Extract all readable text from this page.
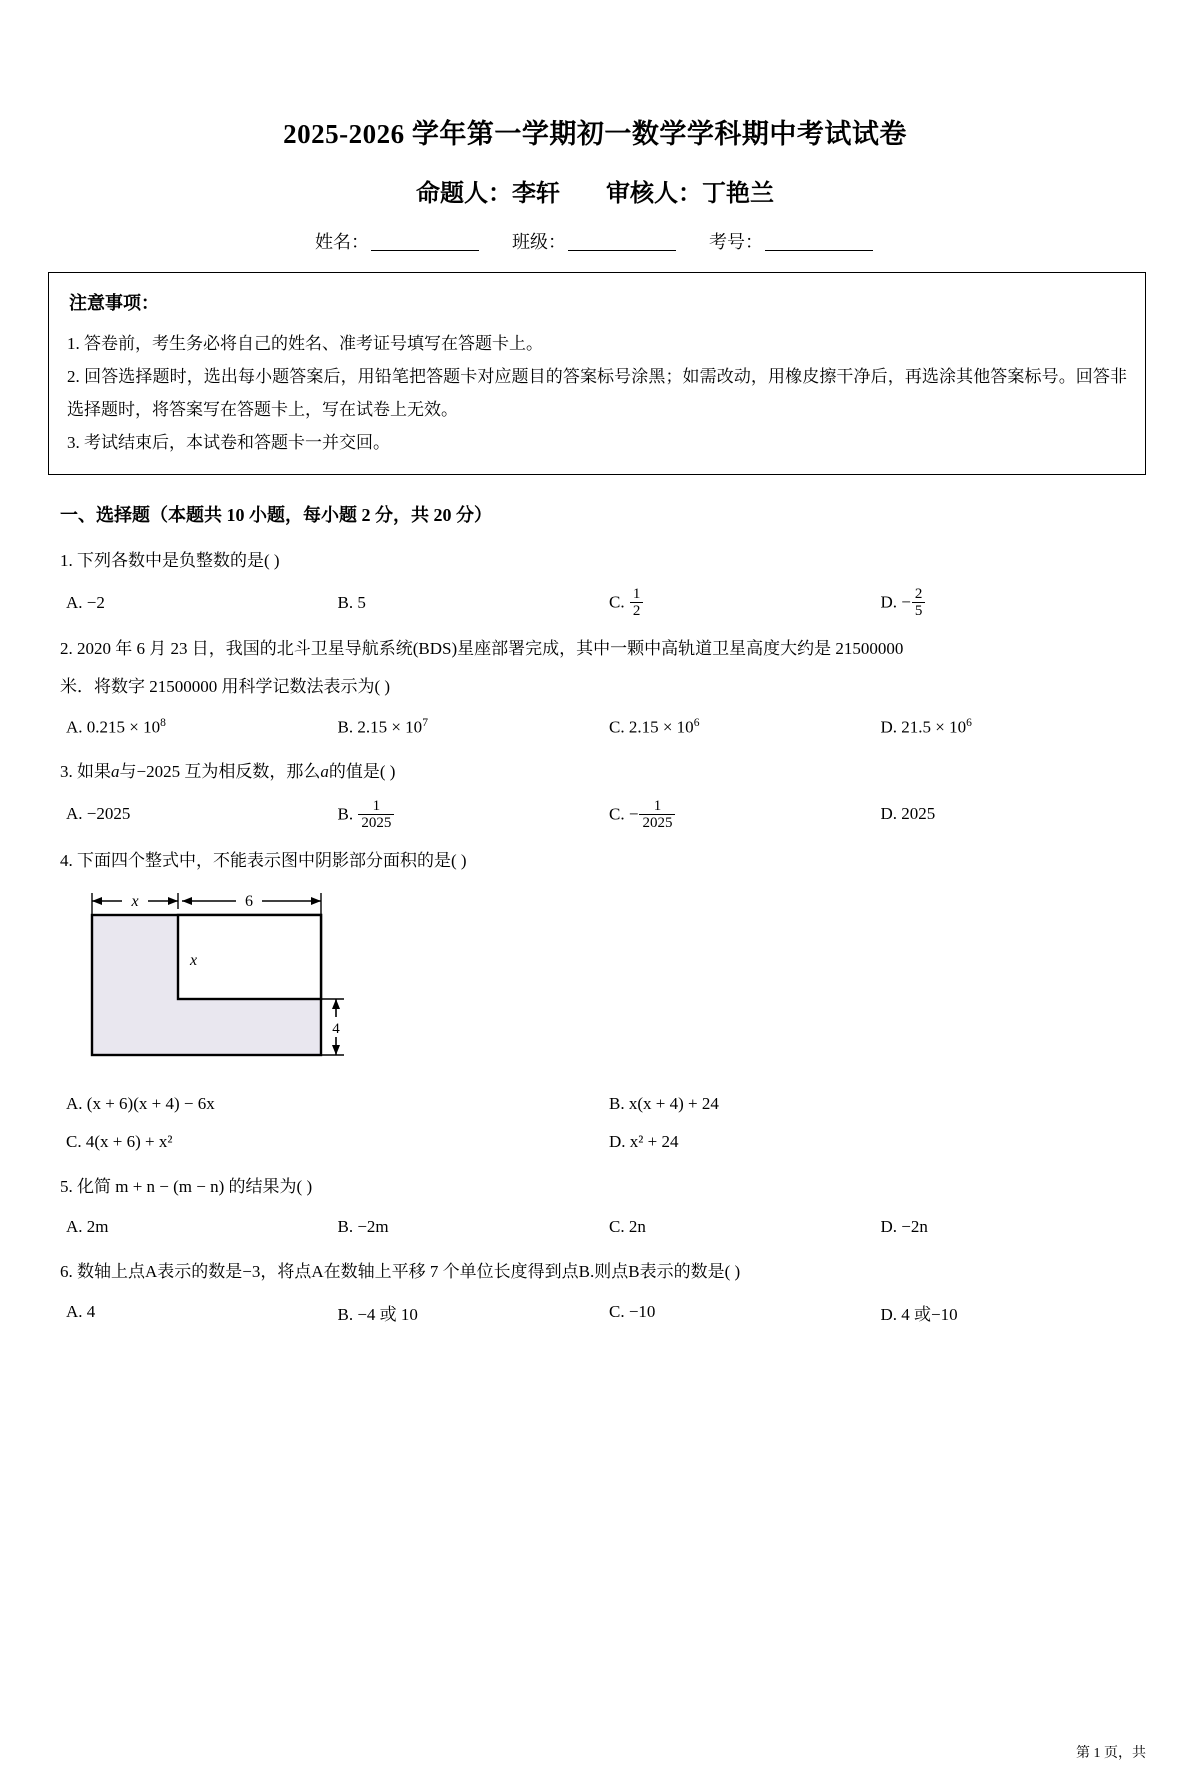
2025-2026 学年第一学期初一数学学科期中考试试卷
命题人：李轩 审核人：丁艳兰
姓名：	班级：	考号：
注意事项：

1. 答卷前，考生务必将自己的姓名、准考证号填写在答题卡上。

2. 回答选择题时，选出每小题答案后，用铅笔把答题卡对应题目的答案标号涂黑；如需改动，用橡皮擦干净后，再选涂其他答案标号。回答非选择题时，将答案写在答题卡上，写在试卷上无效。

3. 考试结束后，本试卷和答题卡一并交回。

一、选择题（本题共 10 小题，每小题 2 分，共 20 分）

1. 下列各数中是负整数的是( )

A. −2	B. 5	C. $\frac{1}{2}$	D. − $\frac{2}{5}$

2. 2020 年 6 月 23 日，我国的北斗卫星导航系统(BDS)星座部署完成，其中一颗中高轨道卫星高度大约是 21500000

米．将数字 21500000 用科学记数法表示为( )

A. $0.215 \times 10^8$	B. $2.15 \times 10^7$	C. $2.15 \times 10^6$	D. $21.5 \times 10^6$

3. 如果a与−2025 互为相反数，那么a的值是( )

A. −2025	B. $\frac{1}{2025}$	C. − $\frac{1}{2025}$	D. 2025

4. 下面四个整式中，不能表示图中阴影部分面积的是( )

x	6
x
4
A. (x + 6)(x + 4) − 6x	B. x(x + 4) + 24
C. 4(x + 6) + x²	D. x² + 24

5. 化简 m + n − (m − n) 的结果为( )

A. 2m	B. −2m	C. 2n	D. −2n

6. 数轴上点A表示的数是−3，将点A在数轴上平移 7 个单位长度得到点B.则点B表示的数是( )

A. 4	B. −4 或 10	C. −10	D. 4 或−10
第 1 页，共
